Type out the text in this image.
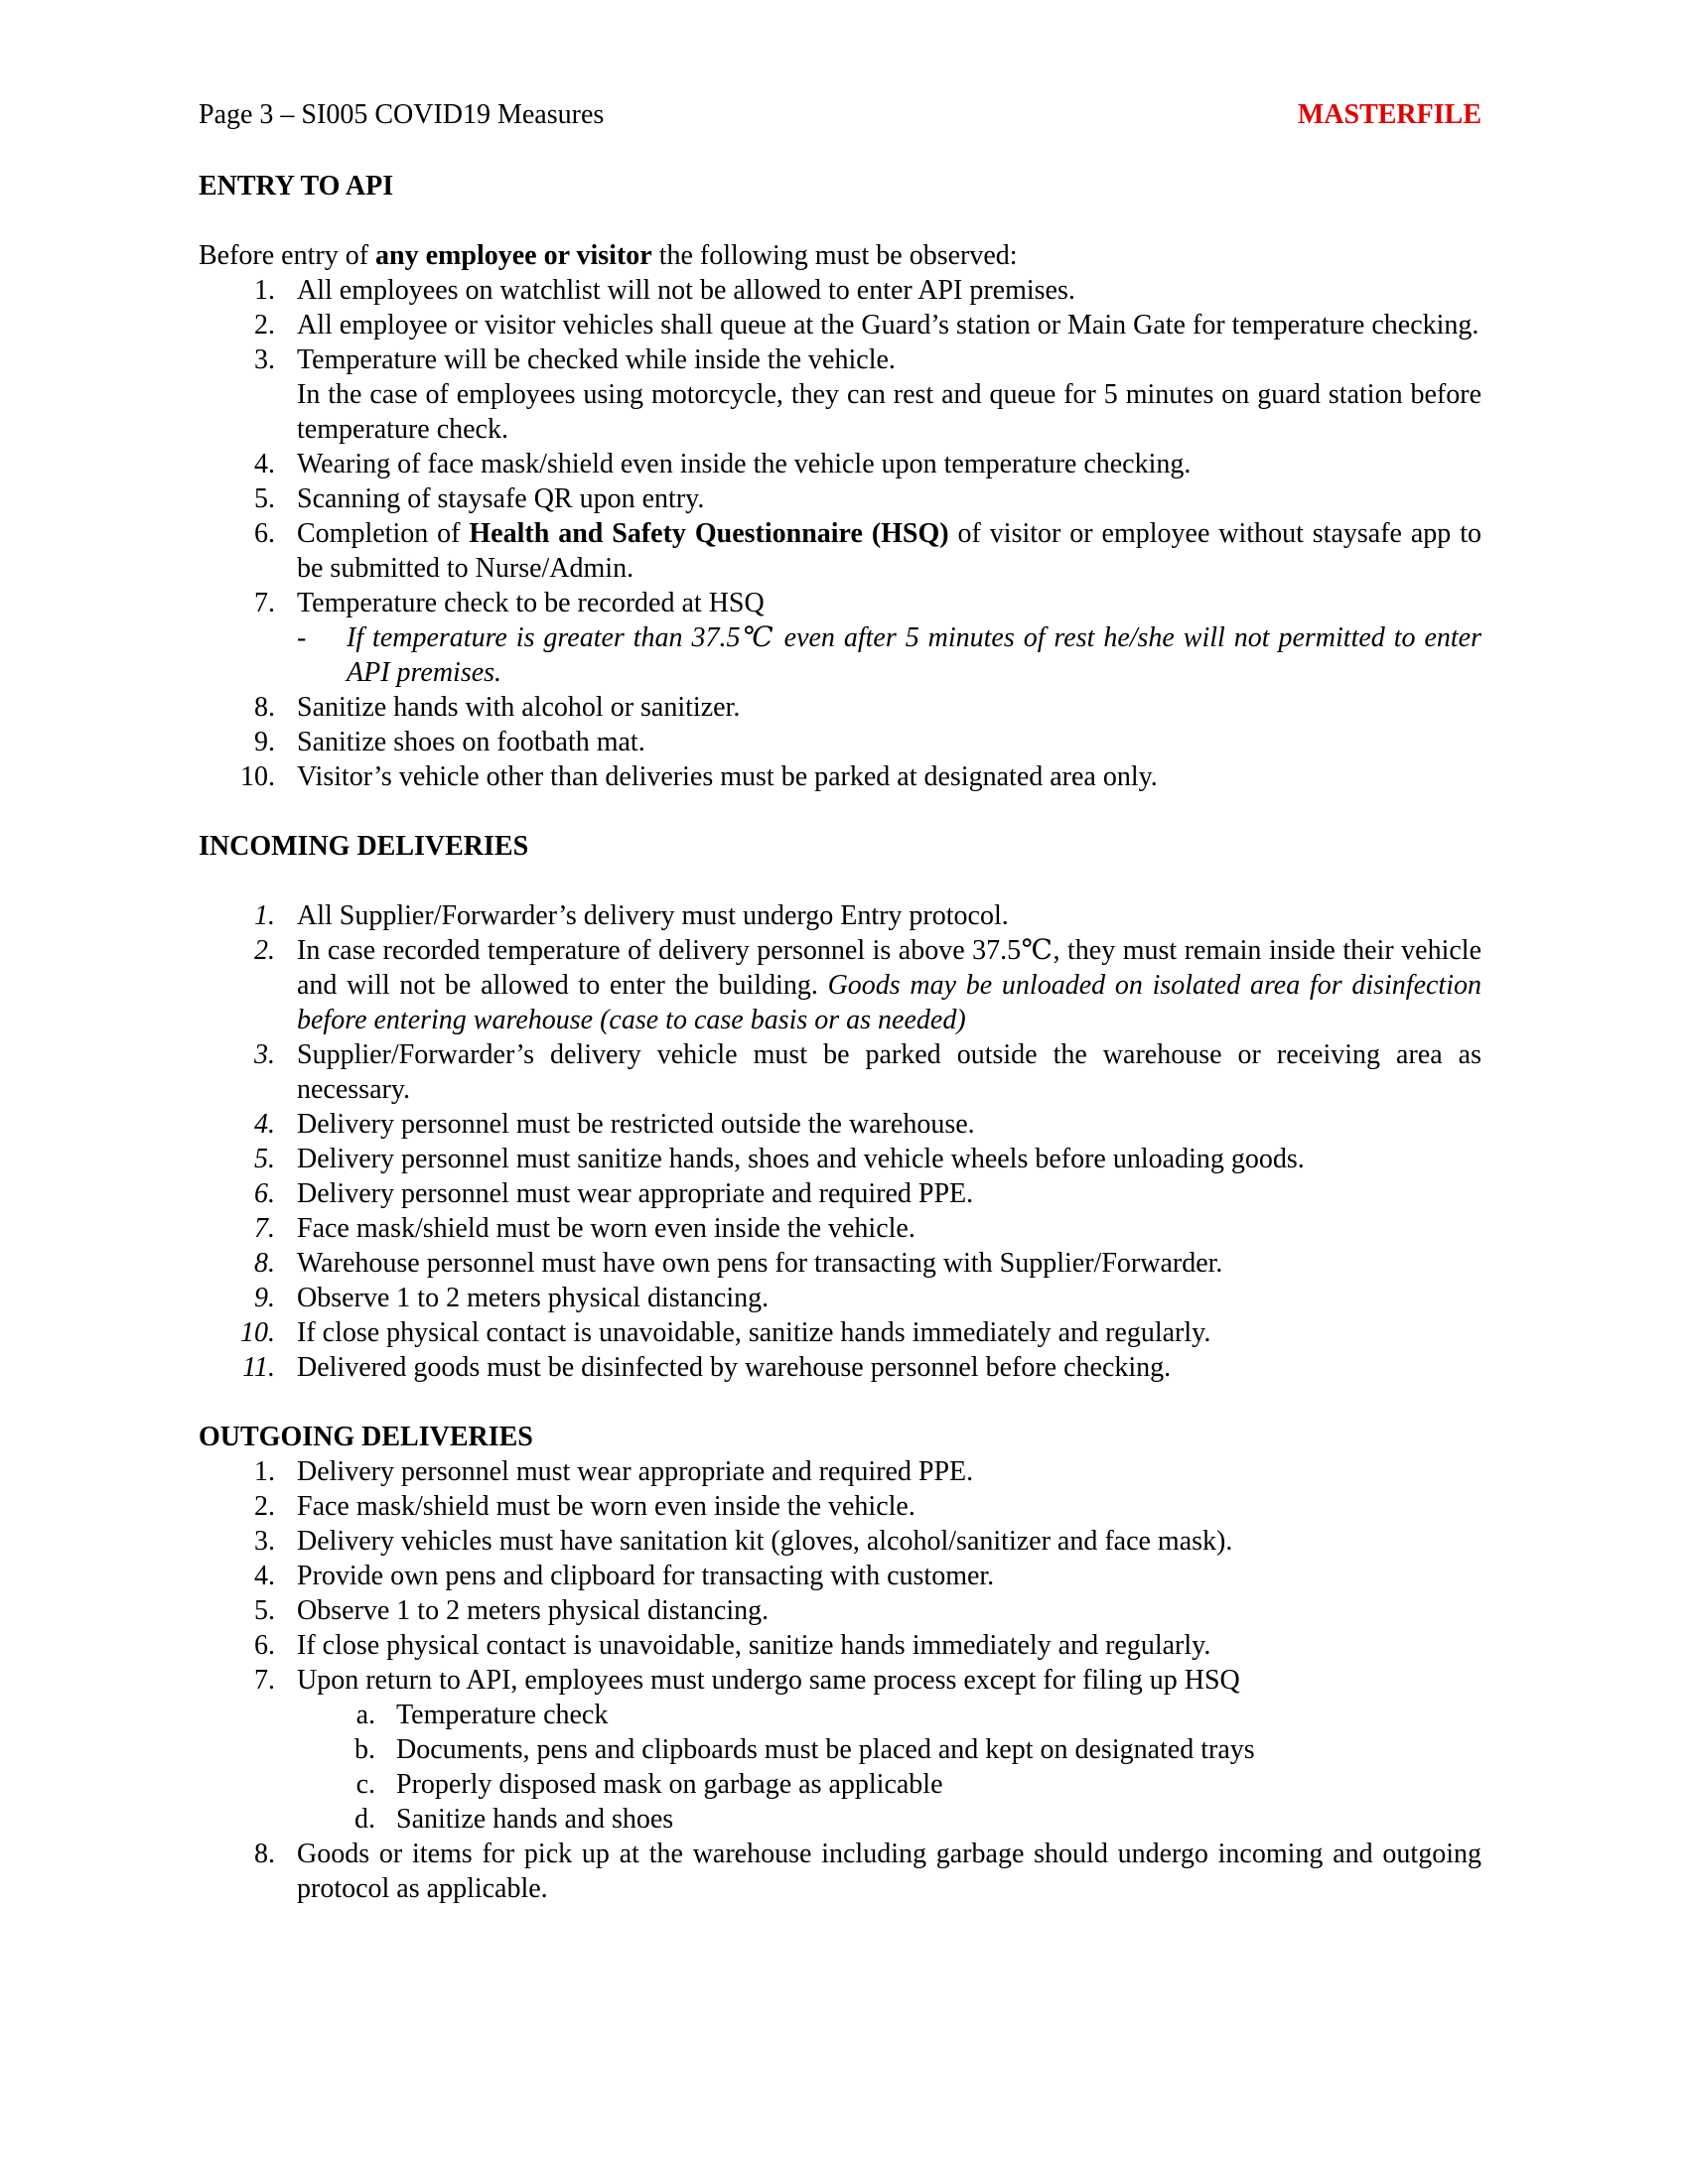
Page 3 – SI005 COVID19 Measures	MASTERFILE

ENTRY TO API

Before entry of any employee or visitor the following must be observed:

1. All employees on watchlist will not be allowed to enter API premises.
2. All employee or visitor vehicles shall queue at the Guard’s station or Main Gate for temperature checking.
3. Temperature will be checked while inside the vehicle.
In the case of employees using motorcycle, they can rest and queue for 5 minutes on guard station before temperature check.
4. Wearing of face mask/shield even inside the vehicle upon temperature checking.
5. Scanning of staysafe QR upon entry.
6. Completion of Health and Safety Questionnaire (HSQ) of visitor or employee without staysafe app to be submitted to Nurse/Admin.
7. Temperature check to be recorded at HSQ
- If temperature is greater than 37.5℃ even after 5 minutes of rest he/she will not permitted to enter API premises.
8. Sanitize hands with alcohol or sanitizer.
9. Sanitize shoes on footbath mat.
10. Visitor’s vehicle other than deliveries must be parked at designated area only.

INCOMING DELIVERIES

1. All Supplier/Forwarder’s delivery must undergo Entry protocol.
2. In case recorded temperature of delivery personnel is above 37.5℃, they must remain inside their vehicle and will not be allowed to enter the building. Goods may be unloaded on isolated area for disinfection before entering warehouse (case to case basis or as needed)
3. Supplier/Forwarder’s delivery vehicle must be parked outside the warehouse or receiving area as necessary.
4. Delivery personnel must be restricted outside the warehouse.
5. Delivery personnel must sanitize hands, shoes and vehicle wheels before unloading goods.
6. Delivery personnel must wear appropriate and required PPE.
7. Face mask/shield must be worn even inside the vehicle.
8. Warehouse personnel must have own pens for transacting with Supplier/Forwarder.
9. Observe 1 to 2 meters physical distancing.
10. If close physical contact is unavoidable, sanitize hands immediately and regularly.
11. Delivered goods must be disinfected by warehouse personnel before checking.

OUTGOING DELIVERIES

1. Delivery personnel must wear appropriate and required PPE.
2. Face mask/shield must be worn even inside the vehicle.
3. Delivery vehicles must have sanitation kit (gloves, alcohol/sanitizer and face mask).
4. Provide own pens and clipboard for transacting with customer.
5. Observe 1 to 2 meters physical distancing.
6. If close physical contact is unavoidable, sanitize hands immediately and regularly.
7. Upon return to API, employees must undergo same process except for filing up HSQ
a. Temperature check
b. Documents, pens and clipboards must be placed and kept on designated trays
c. Properly disposed mask on garbage as applicable
d. Sanitize hands and shoes
8. Goods or items for pick up at the warehouse including garbage should undergo incoming and outgoing protocol as applicable.
